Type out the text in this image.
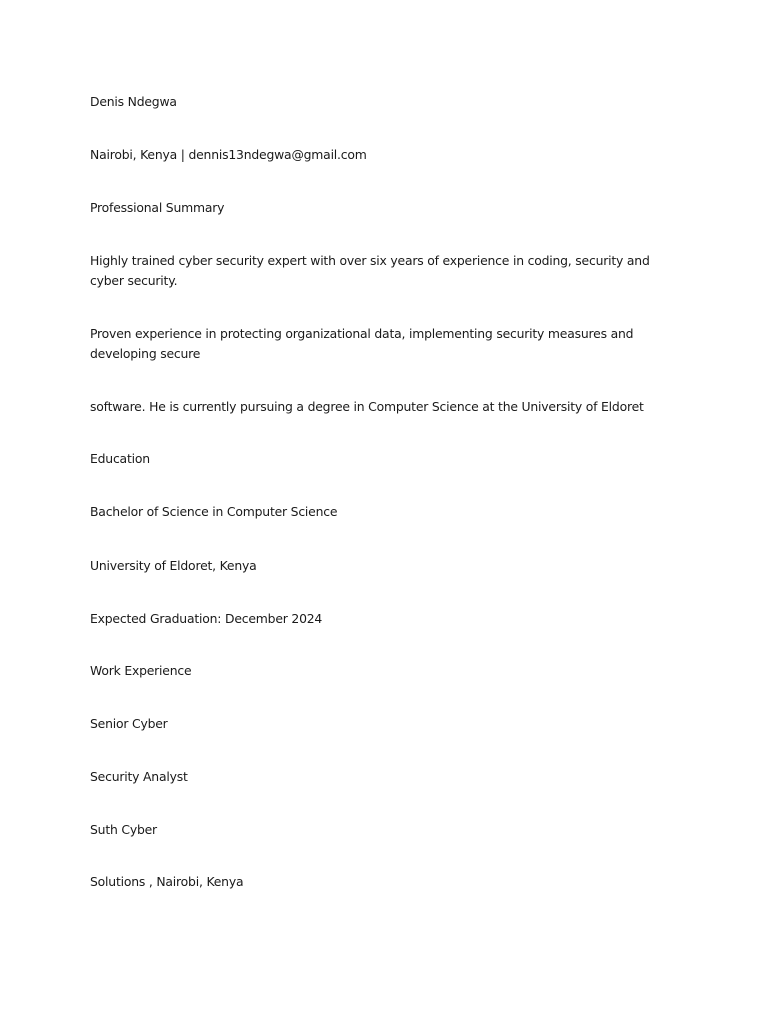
Denis Ndegwa

Nairobi, Kenya | dennis13ndegwa@gmail.com

Professional Summary

Highly trained cyber security expert with over six years of experience in coding, security and cyber security.

Proven experience in protecting organizational data, implementing security measures and developing secure

software. He is currently pursuing a degree in Computer Science at the University of Eldoret

Education

Bachelor of Science in Computer Science

University of Eldoret, Kenya

Expected Graduation: December 2024

Work Experience

Senior Cyber

Security Analyst

Suth Cyber

Solutions , Nairobi, Kenya
